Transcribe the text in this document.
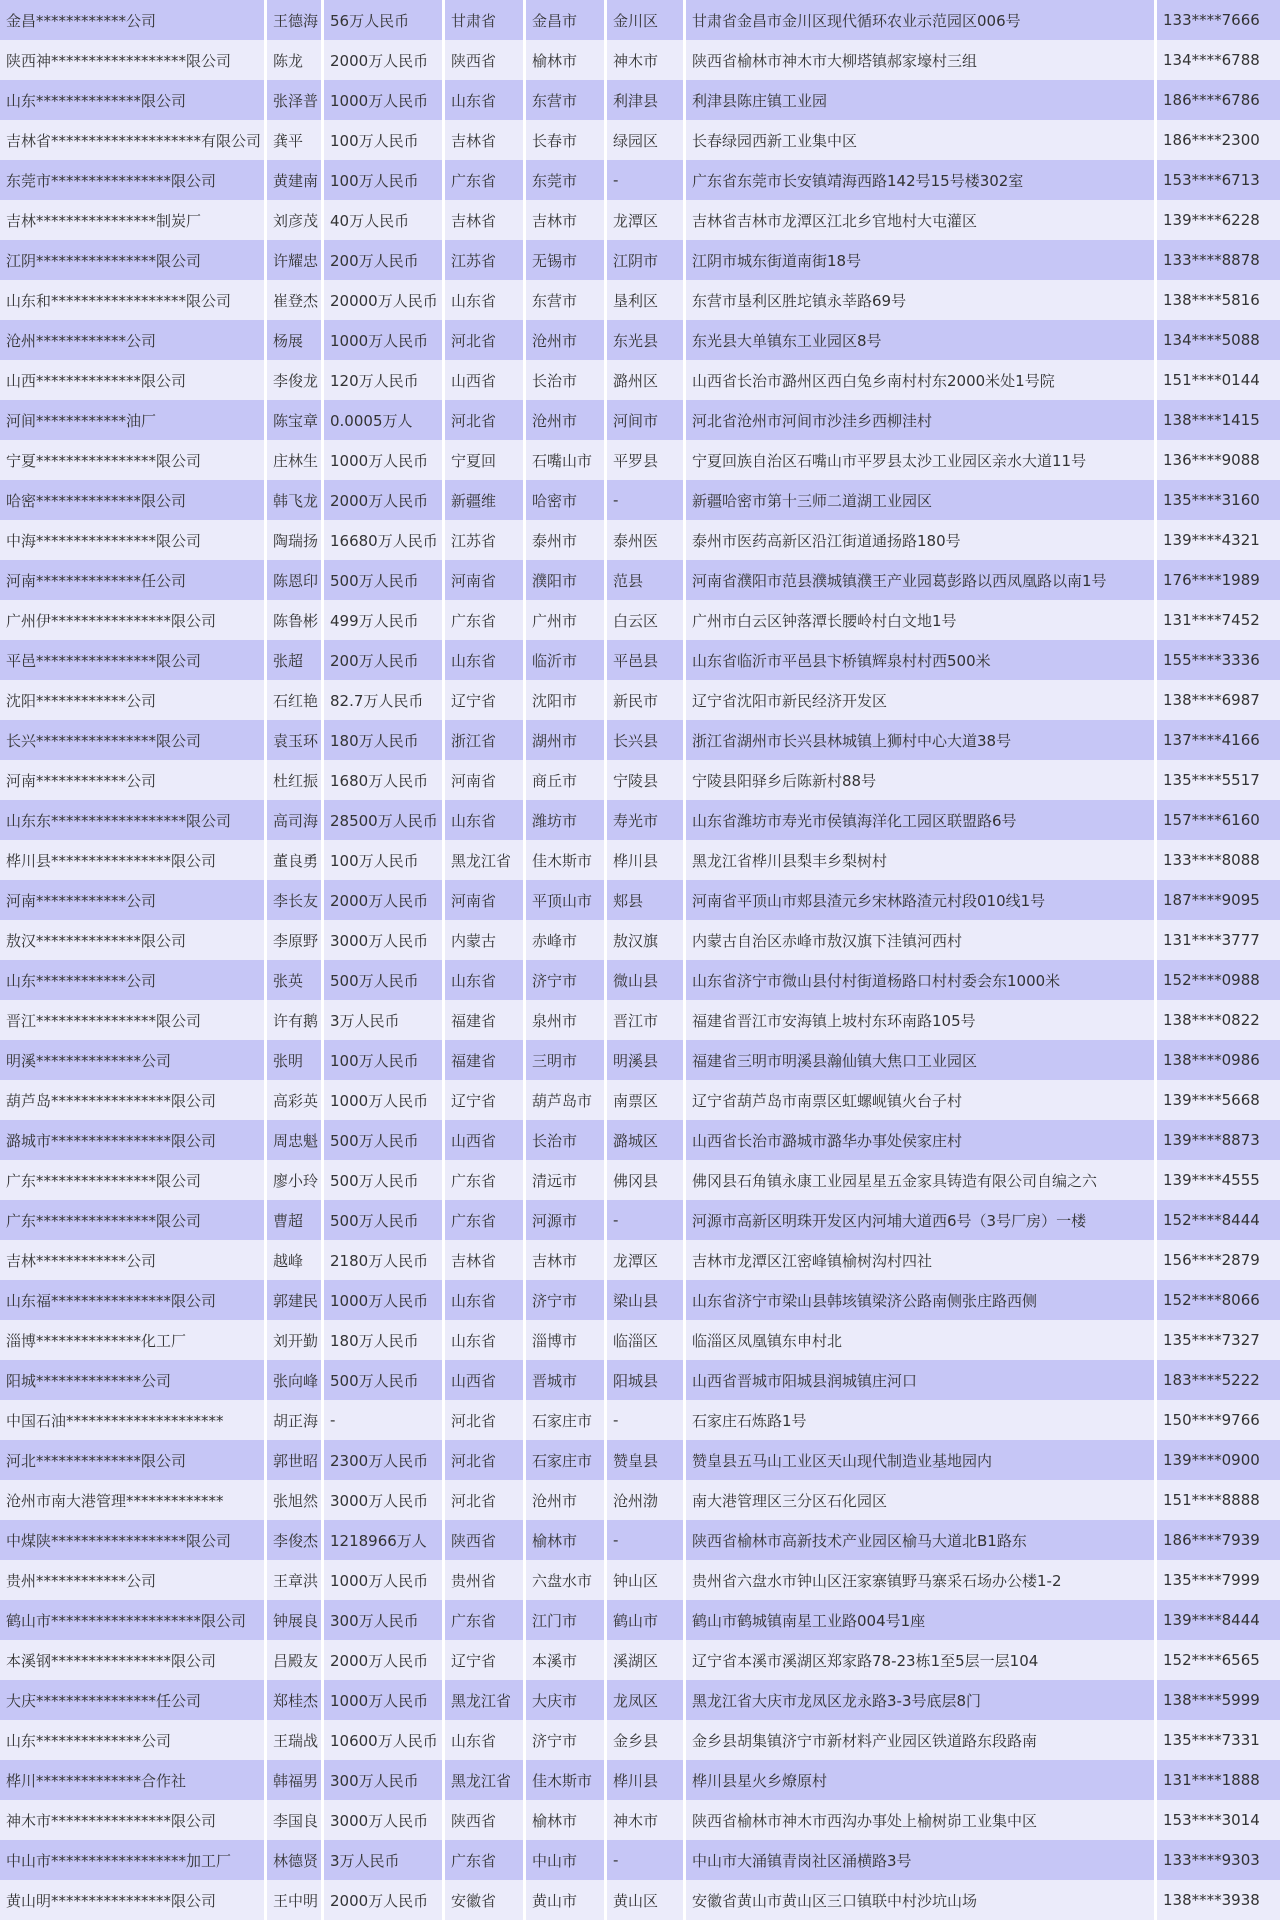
金昌************公司	王德海	56万人民币	甘肃省	金昌市	金川区	甘肃省金昌市金川区现代循环农业示范园区006号	133****7666
陕西神******************限公司	陈龙	2000万人民币	陕西省	榆林市	神木市	陕西省榆林市神木市大柳塔镇郝家壕村三组	134****6788
山东**************限公司	张泽普	1000万人民币	山东省	东营市	利津县	利津县陈庄镇工业园	186****6786
吉林省********************有限公司	龚平	100万人民币	吉林省	长春市	绿园区	长春绿园西新工业集中区	186****2300
东莞市****************限公司	黄建南	100万人民币	广东省	东莞市	-	广东省东莞市长安镇靖海西路142号15号楼302室	153****6713
吉林****************制炭厂	刘彦茂	40万人民币	吉林省	吉林市	龙潭区	吉林省吉林市龙潭区江北乡官地村大屯灌区	139****6228
江阴****************限公司	许耀忠	200万人民币	江苏省	无锡市	江阴市	江阴市城东街道南街18号	133****8878
山东和******************限公司	崔登杰	20000万人民币	山东省	东营市	垦利区	东营市垦利区胜坨镇永莘路69号	138****5816
沧州************公司	杨展	1000万人民币	河北省	沧州市	东光县	东光县大单镇东工业园区8号	134****5088
山西**************限公司	李俊龙	120万人民币	山西省	长治市	潞州区	山西省长治市潞州区西白兔乡南村村东2000米处1号院	151****0144
河间************油厂	陈宝章	0.0005万人	河北省	沧州市	河间市	河北省沧州市河间市沙洼乡西柳洼村	138****1415
宁夏****************限公司	庄林生	1000万人民币	宁夏回	石嘴山市	平罗县	宁夏回族自治区石嘴山市平罗县太沙工业园区亲水大道11号	136****9088
哈密**************限公司	韩飞龙	2000万人民币	新疆维	哈密市	-	新疆哈密市第十三师二道湖工业园区	135****3160
中海****************限公司	陶瑞扬	16680万人民币	江苏省	泰州市	泰州医	泰州市医药高新区沿江街道通扬路180号	139****4321
河南**************任公司	陈恩印	500万人民币	河南省	濮阳市	范县	河南省濮阳市范县濮城镇濮王产业园葛彭路以西凤凰路以南1号	176****1989
广州伊****************限公司	陈鲁彬	499万人民币	广东省	广州市	白云区	广州市白云区钟落潭长腰岭村白文地1号	131****7452
平邑****************限公司	张超	200万人民币	山东省	临沂市	平邑县	山东省临沂市平邑县卞桥镇辉泉村村西500米	155****3336
沈阳************公司	石红艳	82.7万人民币	辽宁省	沈阳市	新民市	辽宁省沈阳市新民经济开发区	138****6987
长兴****************限公司	袁玉环	180万人民币	浙江省	湖州市	长兴县	浙江省湖州市长兴县林城镇上狮村中心大道38号	137****4166
河南************公司	杜红振	1680万人民币	河南省	商丘市	宁陵县	宁陵县阳驿乡后陈新村88号	135****5517
山东东******************限公司	高司海	28500万人民币	山东省	潍坊市	寿光市	山东省潍坊市寿光市侯镇海洋化工园区联盟路6号	157****6160
桦川县****************限公司	董良勇	100万人民币	黑龙江省	佳木斯市	桦川县	黑龙江省桦川县梨丰乡梨树村	133****8088
河南************公司	李长友	2000万人民币	河南省	平顶山市	郏县	河南省平顶山市郏县渣元乡宋林路渣元村段010线1号	187****9095
敖汉**************限公司	李原野	3000万人民币	内蒙古	赤峰市	敖汉旗	内蒙古自治区赤峰市敖汉旗下洼镇河西村	131****3777
山东************公司	张英	500万人民币	山东省	济宁市	微山县	山东省济宁市微山县付村街道杨路口村村委会东1000米	152****0988
晋江****************限公司	许有鹅	3万人民币	福建省	泉州市	晋江市	福建省晋江市安海镇上坡村东环南路105号	138****0822
明溪**************公司	张明	100万人民币	福建省	三明市	明溪县	福建省三明市明溪县瀚仙镇大焦口工业园区	138****0986
葫芦岛****************限公司	高彩英	1000万人民币	辽宁省	葫芦岛市	南票区	辽宁省葫芦岛市南票区虹螺岘镇火台子村	139****5668
潞城市****************限公司	周忠魁	500万人民币	山西省	长治市	潞城区	山西省长治市潞城市潞华办事处侯家庄村	139****8873
广东****************限公司	廖小玲	500万人民币	广东省	清远市	佛冈县	佛冈县石角镇永康工业园星星五金家具铸造有限公司自编之六	139****4555
广东****************限公司	曹超	500万人民币	广东省	河源市	-	河源市高新区明珠开发区内河埔大道西6号（3号厂房）一楼	152****8444
吉林************公司	越峰	2180万人民币	吉林省	吉林市	龙潭区	吉林市龙潭区江密峰镇榆树沟村四社	156****2879
山东福****************限公司	郭建民	1000万人民币	山东省	济宁市	梁山县	山东省济宁市梁山县韩垓镇梁济公路南侧张庄路西侧	152****8066
淄博**************化工厂	刘开勤	180万人民币	山东省	淄博市	临淄区	临淄区凤凰镇东申村北	135****7327
阳城**************公司	张向峰	500万人民币	山西省	晋城市	阳城县	山西省晋城市阳城县润城镇庄河口	183****5222
中国石油*********************	胡正海	-	河北省	石家庄市	-	石家庄石炼路1号	150****9766
河北**************限公司	郭世昭	2300万人民币	河北省	石家庄市	赞皇县	赞皇县五马山工业区天山现代制造业基地园内	139****0900
沧州市南大港管理*************	张旭然	3000万人民币	河北省	沧州市	沧州渤	南大港管理区三分区石化园区	151****8888
中煤陕******************限公司	李俊杰	1218966万人	陕西省	榆林市	-	陕西省榆林市高新技术产业园区榆马大道北B1路东	186****7939
贵州************公司	王章洪	1000万人民币	贵州省	六盘水市	钟山区	贵州省六盘水市钟山区汪家寨镇野马寨采石场办公楼1-2	135****7999
鹤山市********************限公司	钟展良	300万人民币	广东省	江门市	鹤山市	鹤山市鹤城镇南星工业路004号1座	139****8444
本溪钢****************限公司	吕殿友	2000万人民币	辽宁省	本溪市	溪湖区	辽宁省本溪市溪湖区郑家路78-23栋1至5层一层104	152****6565
大庆****************任公司	郑桂杰	1000万人民币	黑龙江省	大庆市	龙凤区	黑龙江省大庆市龙凤区龙永路3-3号底层8门	138****5999
山东**************公司	王瑞战	10600万人民币	山东省	济宁市	金乡县	金乡县胡集镇济宁市新材料产业园区铁道路东段路南	135****7331
桦川**************合作社	韩福男	300万人民币	黑龙江省	佳木斯市	桦川县	桦川县星火乡燎原村	131****1888
神木市****************限公司	李国良	3000万人民币	陕西省	榆林市	神木市	陕西省榆林市神木市西沟办事处上榆树峁工业集中区	153****3014
中山市******************加工厂	林德贤	3万人民币	广东省	中山市	-	中山市大涌镇青岗社区涌横路3号	133****9303
黄山明****************限公司	王中明	2000万人民币	安徽省	黄山市	黄山区	安徽省黄山市黄山区三口镇联中村沙坑山场	138****3938
